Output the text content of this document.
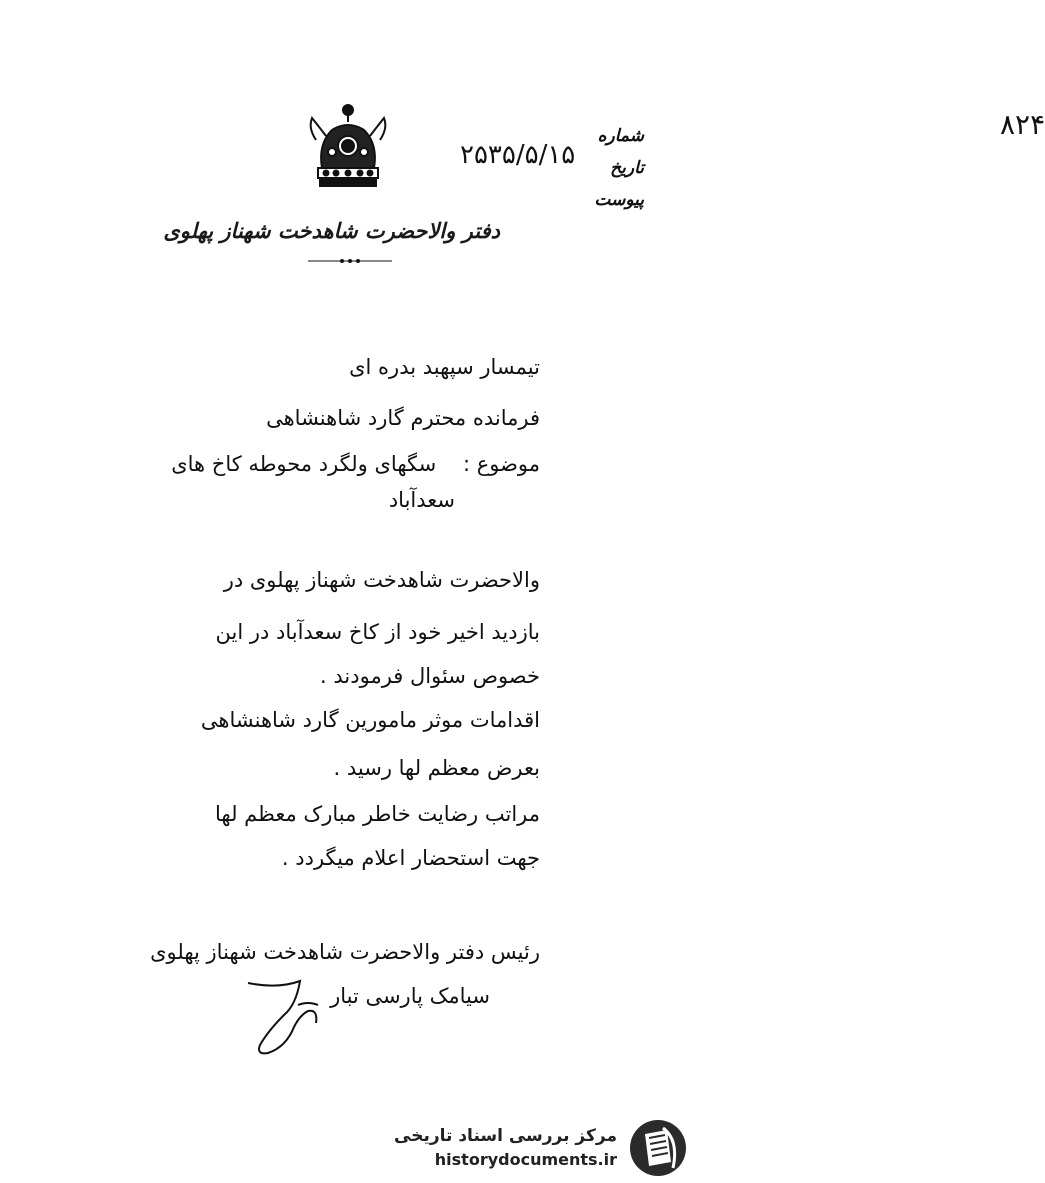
دفتر والاحضرت شاهدخت شهناز پهلوی
شماره
تاریخ
پیوست
۸۲۴
۲۵۳۵/۵/۱۵
تیمسار سپهبد بدره ای
فرمانده محترم گارد شاهنشاهی
موضوع :    سگهای ولگرد محوطه کاخ های
سعدآباد
والاحضرت شاهدخت شهناز پهلوی در
بازدید اخیر خود از کاخ سعدآباد در این
خصوص سئوال فرمودند .
اقدامات موثر مامورین گارد شاهنشاهی
بعرض معظم لها رسید .
مراتب رضایت خاطر مبارک معظم لها
جهت استحضار اعلام میگردد .
رئیس دفتر والاحضرت شاهدخت شهناز پهلوی
سیامک پارسی تبار
مرکز بررسی اسناد تاریخی
historydocuments.ir
